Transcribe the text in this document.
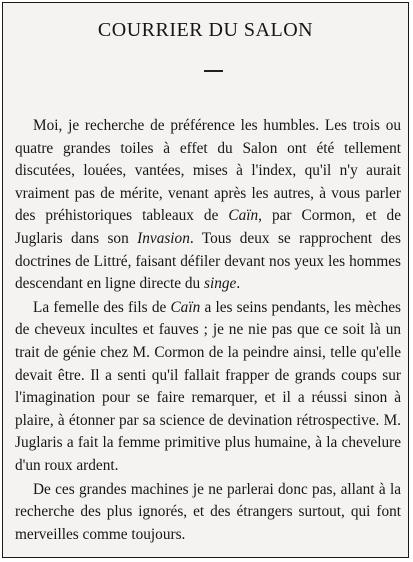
COURRIER DU SALON

Moi, je recherche de préférence les humbles. Les trois ou quatre grandes toiles à effet du Salon ont été tellement discutées, louées, vantées, mises à l'index, qu'il n'y aurait vraiment pas de mérite, venant après les autres, à vous parler des préhistoriques tableaux de Caïn, par Cormon, et de Juglaris dans son Invasion. Tous deux se rapprochent des doctrines de Littré, faisant défiler devant nos yeux les hommes descendant en ligne directe du singe.

La femelle des fils de Caïn a les seins pendants, les mèches de cheveux incultes et fauves ; je ne nie pas que ce soit là un trait de génie chez M. Cormon de la peindre ainsi, telle qu'elle devait être. Il a senti qu'il fallait frapper de grands coups sur l'imagination pour se faire remarquer, et il a réussi sinon à plaire, à étonner par sa science de devination rétrospective. M. Juglaris a fait la femme primitive plus humaine, à la chevelure d'un roux ardent.

De ces grandes machines je ne parlerai donc pas, allant à la recherche des plus ignorés, et des étrangers surtout, qui font merveilles comme toujours.
